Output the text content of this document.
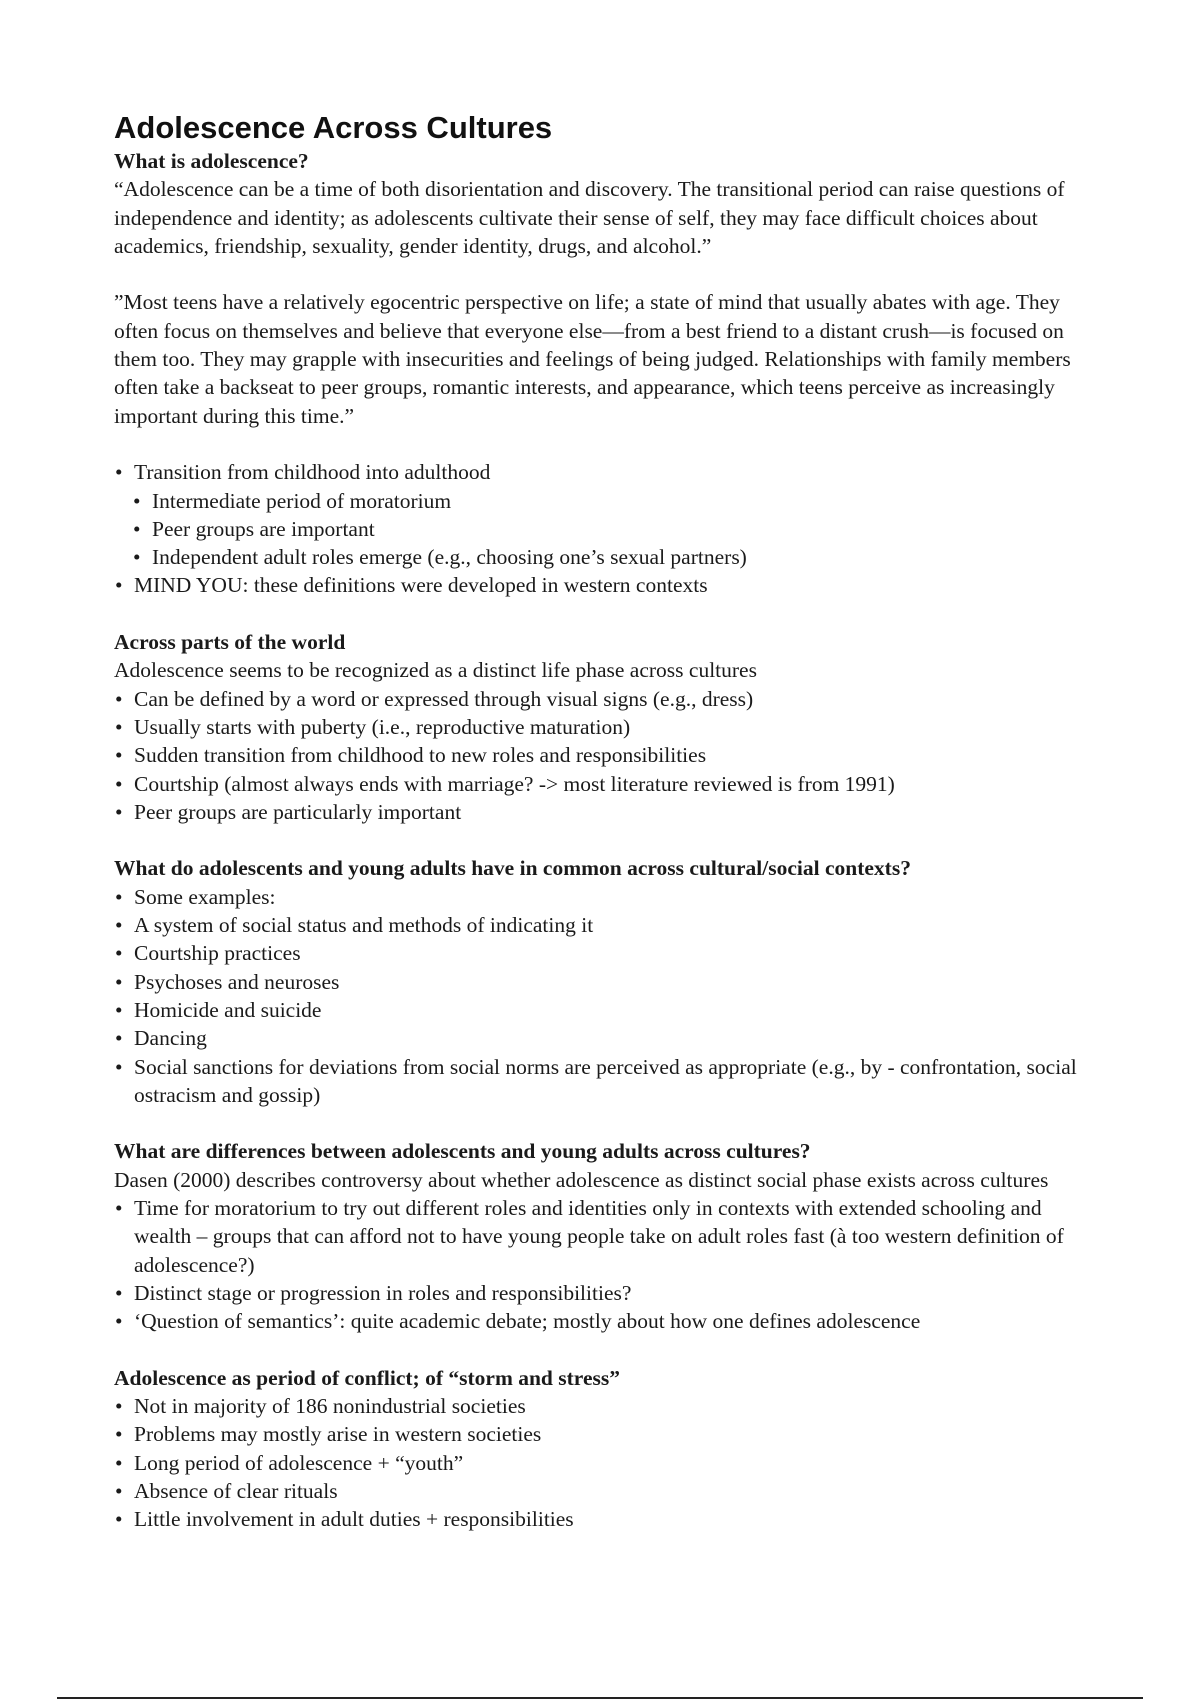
Adolescence Across Cultures
What is adolescence?

“Adolescence can be a time of both disorientation and discovery. The transitional period can raise questions of independence and identity; as adolescents cultivate their sense of self, they may face difficult choices about academics, friendship, sexuality, gender identity, drugs, and alcohol.”

”Most teens have a relatively egocentric perspective on life; a state of mind that usually abates with age. They often focus on themselves and believe that everyone else—from a best friend to a distant crush—is focused on them too. They may grapple with insecurities and feelings of being judged. Relationships with family members often take a backseat to peer groups, romantic interests, and appearance, which teens perceive as increasingly important during this time.”

• Transition from childhood into adulthood
• Intermediate period of moratorium
• Peer groups are important
• Independent adult roles emerge (e.g., choosing one’s sexual partners)
• MIND YOU: these definitions were developed in western contexts
Across parts of the world

Adolescence seems to be recognized as a distinct life phase across cultures

• Can be defined by a word or expressed through visual signs (e.g., dress)
• Usually starts with puberty (i.e., reproductive maturation)
• Sudden transition from childhood to new roles and responsibilities
• Courtship (almost always ends with marriage? -> most literature reviewed is from 1991)
• Peer groups are particularly important
What do adolescents and young adults have in common across cultural/social contexts?
• Some examples:
• A system of social status and methods of indicating it
• Courtship practices
• Psychoses and neuroses
• Homicide and suicide
• Dancing
• Social sanctions for deviations from social norms are perceived as appropriate (e.g., by - confrontation, social ostracism and gossip)
What are differences between adolescents and young adults across cultures?

Dasen (2000) describes controversy about whether adolescence as distinct social phase exists across cultures

• Time for moratorium to try out different roles and identities only in contexts with extended schooling and wealth – groups that can afford not to have young people take on adult roles fast (à too western definition of adolescence?)
• Distinct stage or progression in roles and responsibilities?
• ‘Question of semantics’: quite academic debate; mostly about how one defines adolescence
Adolescence as period of conflict; of “storm and stress”
• Not in majority of 186 nonindustrial societies
• Problems may mostly arise in western societies
• Long period of adolescence + “youth”
• Absence of clear rituals
• Little involvement in adult duties + responsibilities
